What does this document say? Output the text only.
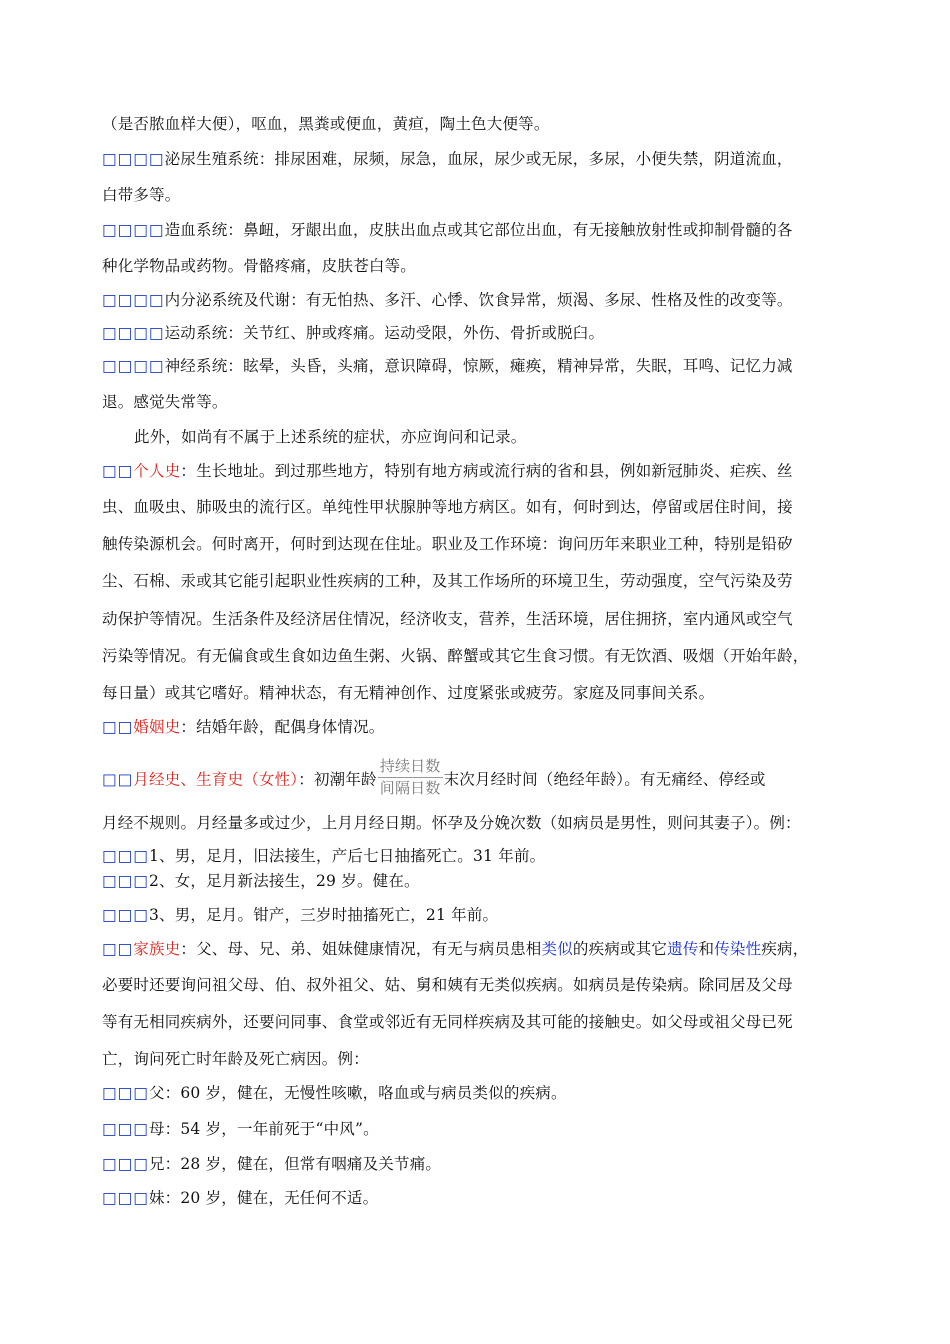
（是否脓血样大便），呕血，黑粪或便血，黄疸，陶土色大便等。
□□□□泌尿生殖系统：排尿困难，尿频，尿急，血尿，尿少或无尿，多尿，小便失禁，阴道流血，
白带多等。
□□□□造血系统：鼻衄，牙龈出血，皮肤出血点或其它部位出血，有无接触放射性或抑制骨髓的各
种化学物品或药物。骨骼疼痛，皮肤苍白等。
□□□□内分泌系统及代谢：有无怕热、多汗、心悸、饮食异常，烦渴、多尿、性格及性的改变等。
□□□□运动系统：关节红、肿或疼痛。运动受限，外伤、骨折或脱臼。
□□□□神经系统：眩晕，头昏，头痛，意识障碍，惊厥，瘫痪，精神异常，失眠，耳鸣、记忆力减
退。感觉失常等。
此外，如尚有不属于上述系统的症状，亦应询问和记录。
□□个人史：生长地址。到过那些地方，特别有地方病或流行病的省和县，例如新冠肺炎、疟疾、丝
虫、血吸虫、肺吸虫的流行区。单纯性甲状腺肿等地方病区。如有，何时到达，停留或居住时间，接
触传染源机会。何时离开，何时到达现在住址。职业及工作环境：询问历年来职业工种，特别是铅矽
尘、石棉、汞或其它能引起职业性疾病的工种，及其工作场所的环境卫生，劳动强度，空气污染及劳
动保护等情况。生活条件及经济居住情况，经济收支，营养，生活环境，居住拥挤，室内通风或空气
污染等情况。有无偏食或生食如边鱼生粥、火锅、醉蟹或其它生食习惯。有无饮酒、吸烟（开始年龄，
每日量）或其它嗜好。精神状态，有无精神创作、过度紧张或疲劳。家庭及同事间关系。
□□婚姻史：结婚年龄，配偶身体情况。
□□月经史、生育史（女性）：初潮年龄 $\frac{\text{持续日数}}{\text{间隔日数}}$ 末次月经时间（绝经年龄）。有无痛经、停经或
月经不规则。月经量多或过少，上月月经日期。怀孕及分娩次数（如病员是男性，则问其妻子）。例：
□□□1、男，足月，旧法接生，产后七日抽搐死亡。31 年前。
□□□2、女，足月新法接生，29 岁。健在。
□□□3、男，足月。钳产，三岁时抽搐死亡，21 年前。
□□家族史：父、母、兄、弟、姐妹健康情况，有无与病员患相类似的疾病或其它遗传和传染性疾病，
必要时还要询问祖父母、伯、叔外祖父、姑、舅和姨有无类似疾病。如病员是传染病。除同居及父母
等有无相同疾病外，还要问同事、食堂或邻近有无同样疾病及其可能的接触史。如父母或祖父母已死
亡，询问死亡时年龄及死亡病因。例：
□□□父：60 岁，健在，无慢性咳嗽，咯血或与病员类似的疾病。
□□□母：54 岁，一年前死于“中风”。
□□□兄：28 岁，健在，但常有咽痛及关节痛。
□□□妹：20 岁，健在，无任何不适。
